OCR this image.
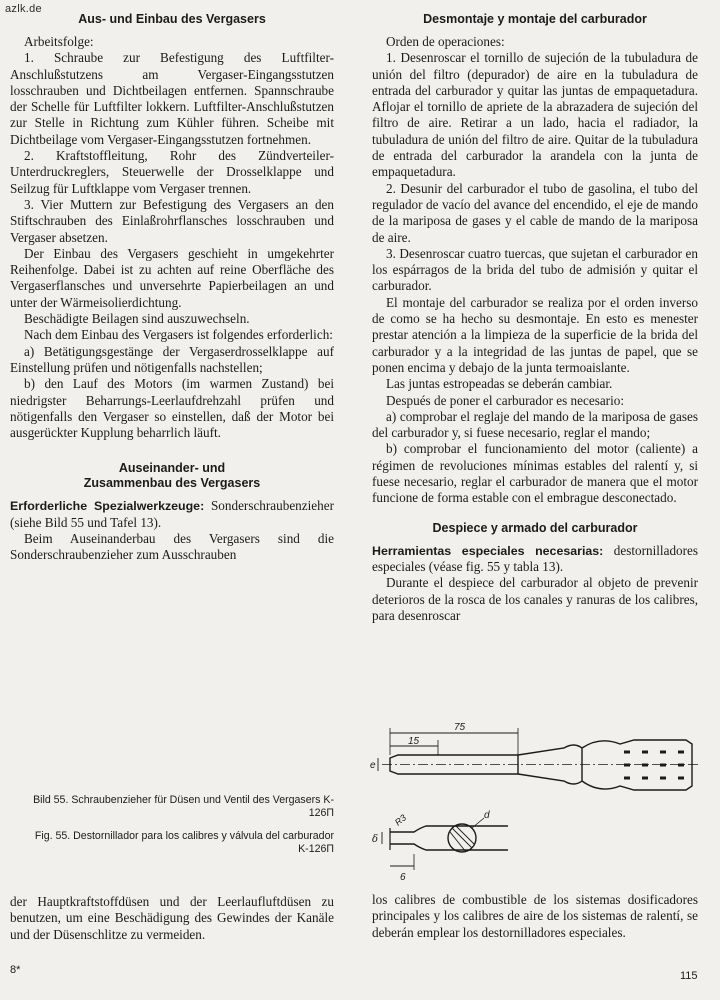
azlk.de
Aus- und Einbau des Vergasers

Arbeitsfolge:

1. Schraube zur Befestigung des Luftfilter-Anschlußstutzens am Vergaser-Eingangsstutzen losschrauben und Dichtbeilagen entfernen. Spannschraube der Schelle für Luftfilter lokkern. Luftfilter-Anschlußstutzen zur Stelle in Richtung zum Kühler führen. Scheibe mit Dichtbeilage vom Vergaser-Eingangsstutzen fortnehmen.

2. Kraftstoffleitung, Rohr des Zündverteiler-Unterdruckreglers, Steuerwelle der Drosselklappe und Seilzug für Luftklappe vom Vergaser trennen.

3. Vier Muttern zur Befestigung des Vergasers an den Stiftschrauben des Einlaßrohrflansches losschrauben und Vergaser absetzen.

Der Einbau des Vergasers geschieht in umgekehrter Reihenfolge. Dabei ist zu achten auf reine Oberfläche des Vergaserflansches und unversehrte Papierbeilagen an und unter der Wärmeisolierdichtung.

Beschädigte Beilagen sind auszuwechseln.

Nach dem Einbau des Vergasers ist folgendes erforderlich:

a) Betätigungsgestänge der Vergaserdrosselklappe auf Einstellung prüfen und nötigenfalls nachstellen;

b) den Lauf des Motors (im warmen Zustand) bei niedrigster Beharrungs-Leerlaufdrehzahl prüfen und nötigenfalls den Vergaser so einstellen, daß der Motor bei ausgerückter Kupplung beharrlich läuft.

Auseinander- und Zusammenbau des Vergasers

Erforderliche Spezialwerkzeuge: Sonderschraubenzieher (siehe Bild 55 und Tafel 13).

Beim Auseinanderbau des Vergasers sind die Sonderschraubenzieher zum Ausschrauben

Bild 55. Schraubenzieher für Düsen und Ventil des Vergasers K-126П

Fig. 55. Destornillador para los calibres y válvula del carburador K-126П

der Hauptkraftstoffdüsen und der Leerlaufluftdüsen zu benutzen, um eine Beschädigung des Gewindes der Kanäle und der Düsenschlitze zu vermeiden.

8*
Desmontaje y montaje del carburador

Orden de operaciones:

1. Desenroscar el tornillo de sujeción de la tubuladura de unión del filtro (depurador) de aire en la tubuladura de entrada del carburador y quitar las juntas de empaquetadura. Aflojar el tornillo de apriete de la abrazadera de sujeción del filtro de aire. Retirar a un lado, hacia el radiador, la tubuladura de unión del filtro de aire. Quitar de la tubuladura de entrada del carburador la arandela con la junta de empaquetadura.

2. Desunir del carburador el tubo de gasolina, el tubo del regulador de vacío del avance del encendido, el eje de mando de la mariposa de gases y el cable de mando de la mariposa de aire.

3. Desenroscar cuatro tuercas, que sujetan el carburador en los espárragos de la brida del tubo de admisión y quitar el carburador.

El montaje del carburador se realiza por el orden inverso de como se ha hecho su desmontaje. En esto es menester prestar atención a la limpieza de la superficie de la brida del carburador y a la integridad de las juntas de papel, que se ponen encima y debajo de la junta termoaislante.

Las juntas estropeadas se deberán cambiar.

Después de poner el carburador es necesario:

a) comprobar el reglaje del mando de la mariposa de gases del carburador y, si fuese necesario, reglar el mando;

b) comprobar el funcionamiento del motor (caliente) a régimen de revoluciones mínimas estables del ralentí y, si fuese necesario, reglar el carburador de manera que el motor funcione de forma estable con el embrague desconectado.

Despiece y armado del carburador

Herramientas especiales necesarias: destornilladores especiales (véase fig. 55 y tabla 13).

Durante el despiece del carburador al objeto de prevenir deterioros de la rosca de los canales y ranuras de los calibres, para desenroscar

75
15
e
R3	d
δ
6

los calibres de combustible de los sistemas dosificadores principales y los calibres de aire de los sistemas de ralentí, se deberán emplear los destornilladores especiales.

115
